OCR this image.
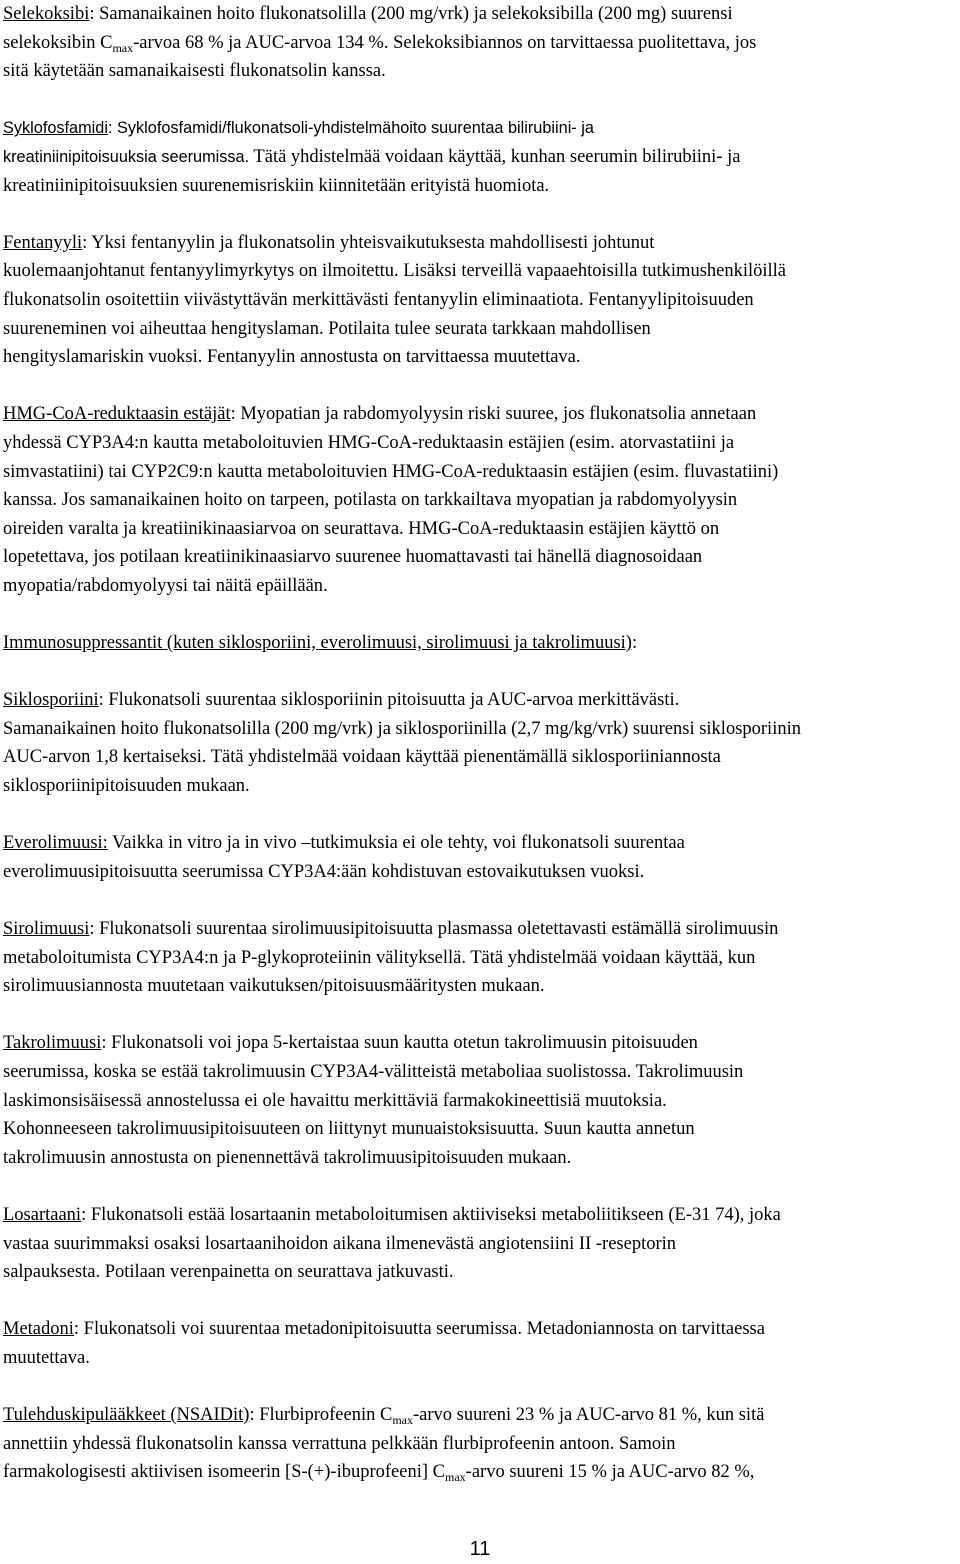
Selekoksibi: Samanaikainen hoito flukonatsolilla (200 mg/vrk) ja selekoksibilla (200 mg) suurensi
selekoksibin $C_{max}$-arvoa 68 % ja AUC-arvoa 134 %. Selekoksibiannos on tarvittaessa puolitettava, jos
sitä käytetään samanaikaisesti flukonatsolin kanssa.
Syklofosfamidi: Syklofosfamidi/flukonatsoli-yhdistelmähoito suurentaa bilirubiini- ja
kreatiniinipitoisuuksia seerumissa. Tätä yhdistelmää voidaan käyttää, kunhan seerumin bilirubiini- ja
kreatiniinipitoisuuksien suurenemisriskiin kiinnitetään erityistä huomiota.
Fentanyyli: Yksi fentanyylin ja flukonatsolin yhteisvaikutuksesta mahdollisesti johtunut
kuolemaanjohtanut fentanyylimyrkytys on ilmoitettu. Lisäksi terveillä vapaaehtoisilla tutkimushenkilöillä
flukonatsolin osoitettiin viivästyttävän merkittävästi fentanyylin eliminaatiota. Fentanyylipitoisuuden
suureneminen voi aiheuttaa hengityslaman. Potilaita tulee seurata tarkkaan mahdollisen
hengityslamariskin vuoksi. Fentanyylin annostusta on tarvittaessa muutettava.
HMG-CoA-reduktaasin estäjät: Myopatian ja rabdomyolyysin riski suuree, jos flukonatsolia annetaan
yhdessä CYP3A4:n kautta metaboloituvien HMG-CoA-reduktaasin estäjien (esim. atorvastatiini ja
simvastatiini) tai CYP2C9:n kautta metaboloituvien HMG-CoA-reduktaasin estäjien (esim. fluvastatiini)
kanssa. Jos samanaikainen hoito on tarpeen, potilasta on tarkkailtava myopatian ja rabdomyolyysin
oireiden varalta ja kreatiinikinaasiarvoa on seurattava. HMG-CoA-reduktaasin estäjien käyttö on
lopetettava, jos potilaan kreatiinikinaasiarvo suurenee huomattavasti tai hänellä diagnosoidaan
myopatia/rabdomyolyysi tai näitä epäillään.
Immunosuppressantit (kuten siklosporiini, everolimuusi, sirolimuusi ja takrolimuusi):
Siklosporiini: Flukonatsoli suurentaa siklosporiinin pitoisuutta ja AUC-arvoa merkittävästi.
Samanaikainen hoito flukonatsolilla (200 mg/vrk) ja siklosporiinilla (2,7 mg/kg/vrk) suurensi siklosporiinin
AUC-arvon 1,8 kertaiseksi. Tätä yhdistelmää voidaan käyttää pienentämällä siklosporiiniannosta
siklosporiinipitoisuuden mukaan.
Everolimuusi: Vaikka in vitro ja in vivo –tutkimuksia ei ole tehty, voi flukonatsoli suurentaa
everolimuusipitoisuutta seerumissa CYP3A4:ään kohdistuvan estovaikutuksen vuoksi.
Sirolimuusi: Flukonatsoli suurentaa sirolimuusipitoisuutta plasmassa oletettavasti estämällä sirolimuusin
metaboloitumista CYP3A4:n ja P-glykoproteiinin välityksellä. Tätä yhdistelmää voidaan käyttää, kun
sirolimuusiannosta muutetaan vaikutuksen/pitoisuusmääritysten mukaan.
Takrolimuusi: Flukonatsoli voi jopa 5-kertaistaa suun kautta otetun takrolimuusin pitoisuuden
seerumissa, koska se estää takrolimuusin CYP3A4-välitteistä metaboliaa suolistossa. Takrolimuusin
laskimonsisäisessä annostelussa ei ole havaittu merkittäviä farmakokineettisiä muutoksia.
Kohonneeseen takrolimuusipitoisuuteen on liittynyt munuaistoksisuutta. Suun kautta annetun
takrolimuusin annostusta on pienennettävä takrolimuusipitoisuuden mukaan.
Losartaani: Flukonatsoli estää losartaanin metaboloitumisen aktiiviseksi metaboliitikseen (E-31 74), joka
vastaa suurimmaksi osaksi losartaanihoidon aikana ilmenevästä angiotensiini II -reseptorin
salpauksesta. Potilaan verenpainetta on seurattava jatkuvasti.
Metadoni: Flukonatsoli voi suurentaa metadonipitoisuutta seerumissa. Metadoniannosta on tarvittaessa
muutettava.
Tulehduskipulääkkeet (NSAIDit): Flurbiprofeenin $C_{max}$-arvo suureni 23 % ja AUC-arvo 81 %, kun sitä
annettiin yhdessä flukonatsolin kanssa verrattuna pelkkään flurbiprofeenin antoon. Samoin
farmakologisesti aktiivisen isomeerin [S-(+)-ibuprofeeni] $C_{max}$-arvo suureni 15 % ja AUC-arvo 82 %,
11
